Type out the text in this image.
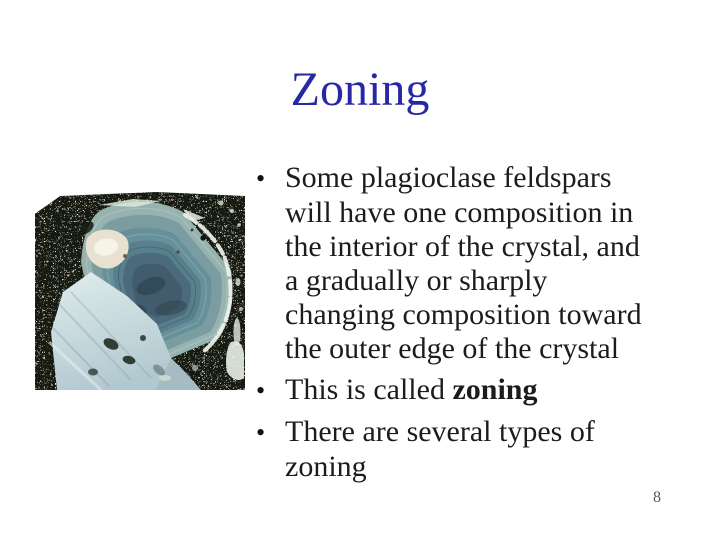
Zoning
• Some plagioclase feldspars will have one composition in the interior of the crystal, and a gradually or sharply changing composition toward the outer edge of the crystal
• This is called zoning
• There are several types of zoning
8
